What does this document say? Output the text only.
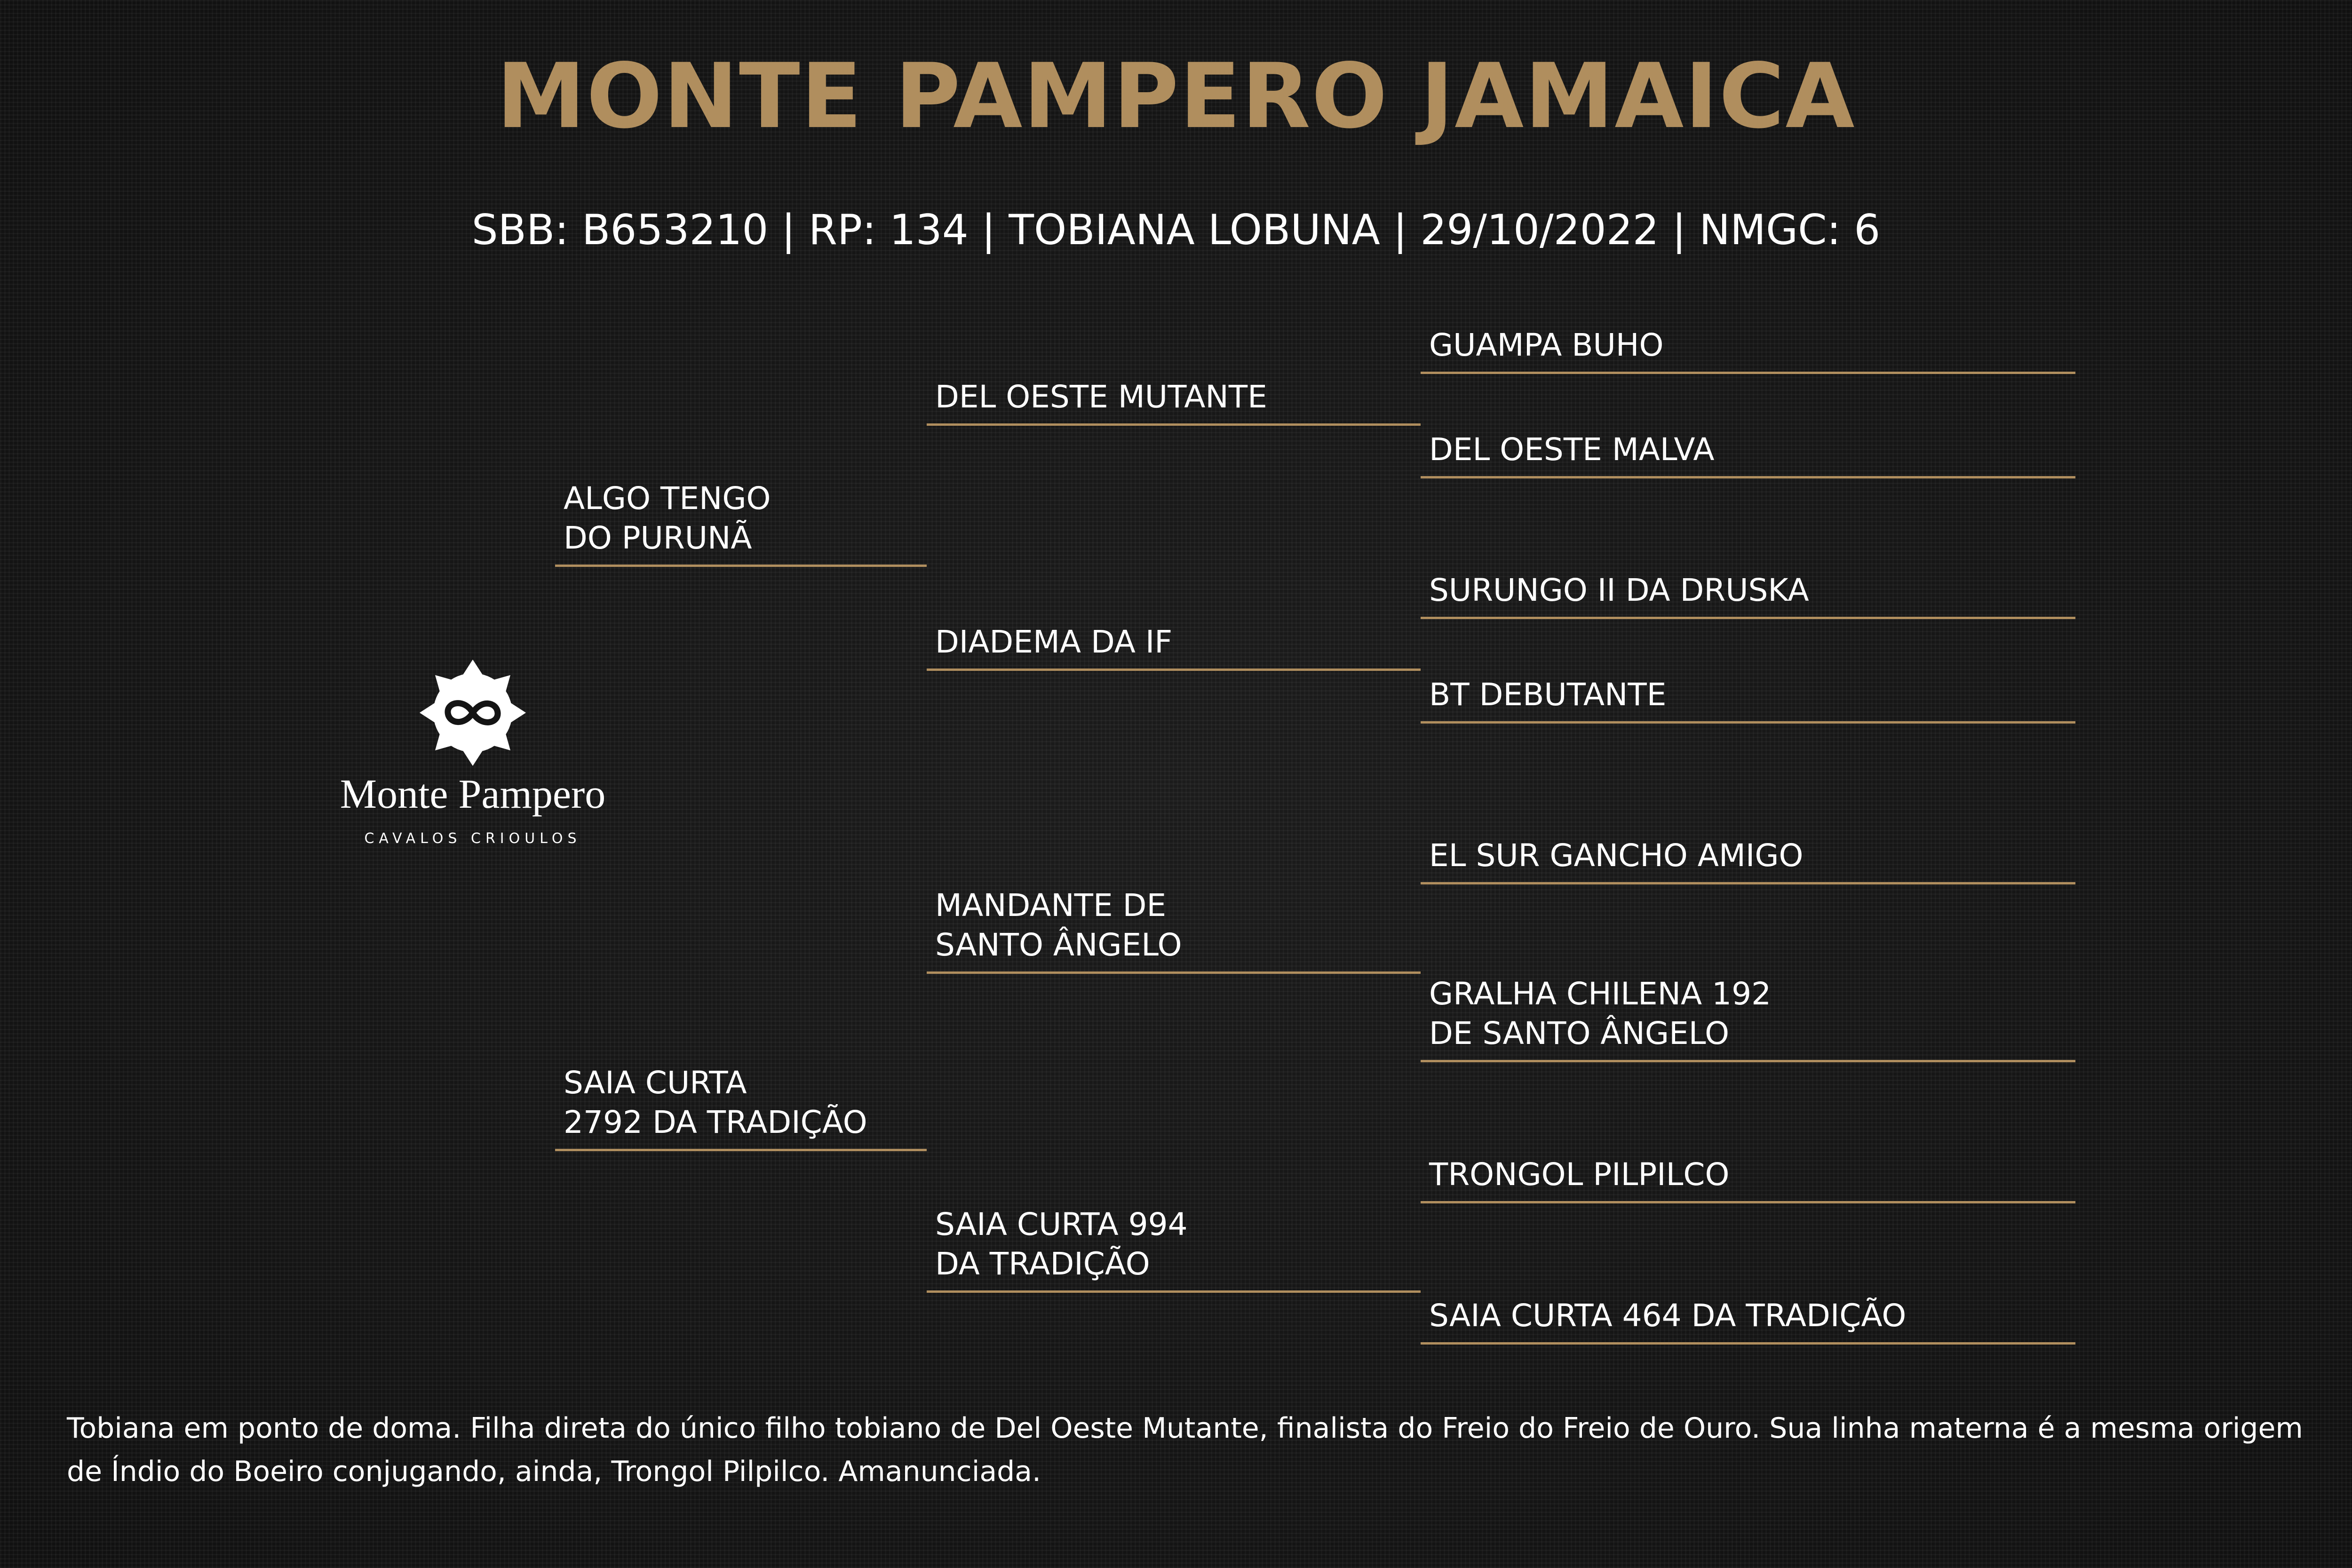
MONTE PAMPERO JAMAICA
SBB: B653210 | RP: 134 | TOBIANA LOBUNA | 29/10/2022 | NMGC: 6
Monte Pampero
CAVALOS CRIOULOS
ALGO TENGO
DO PURUNÃ
SAIA CURTA
2792 DA TRADIÇÃO
DEL OESTE MUTANTE
DIADEMA DA IF
MANDANTE DE
SANTO ÂNGELO
SAIA CURTA 994
DA TRADIÇÃO
GUAMPA BUHO
DEL OESTE MALVA
SURUNGO II DA DRUSKA
BT DEBUTANTE
EL SUR GANCHO AMIGO
GRALHA CHILENA 192
DE SANTO ÂNGELO
TRONGOL PILPILCO
SAIA CURTA 464 DA TRADIÇÃO
Tobiana em ponto de doma. Filha direta do único filho tobiano de Del Oeste Mutante, finalista do Freio do Freio de Ouro. Sua linha materna é a mesma origem de Índio do Boeiro conjugando, ainda, Trongol Pilpilco. Amanunciada.
